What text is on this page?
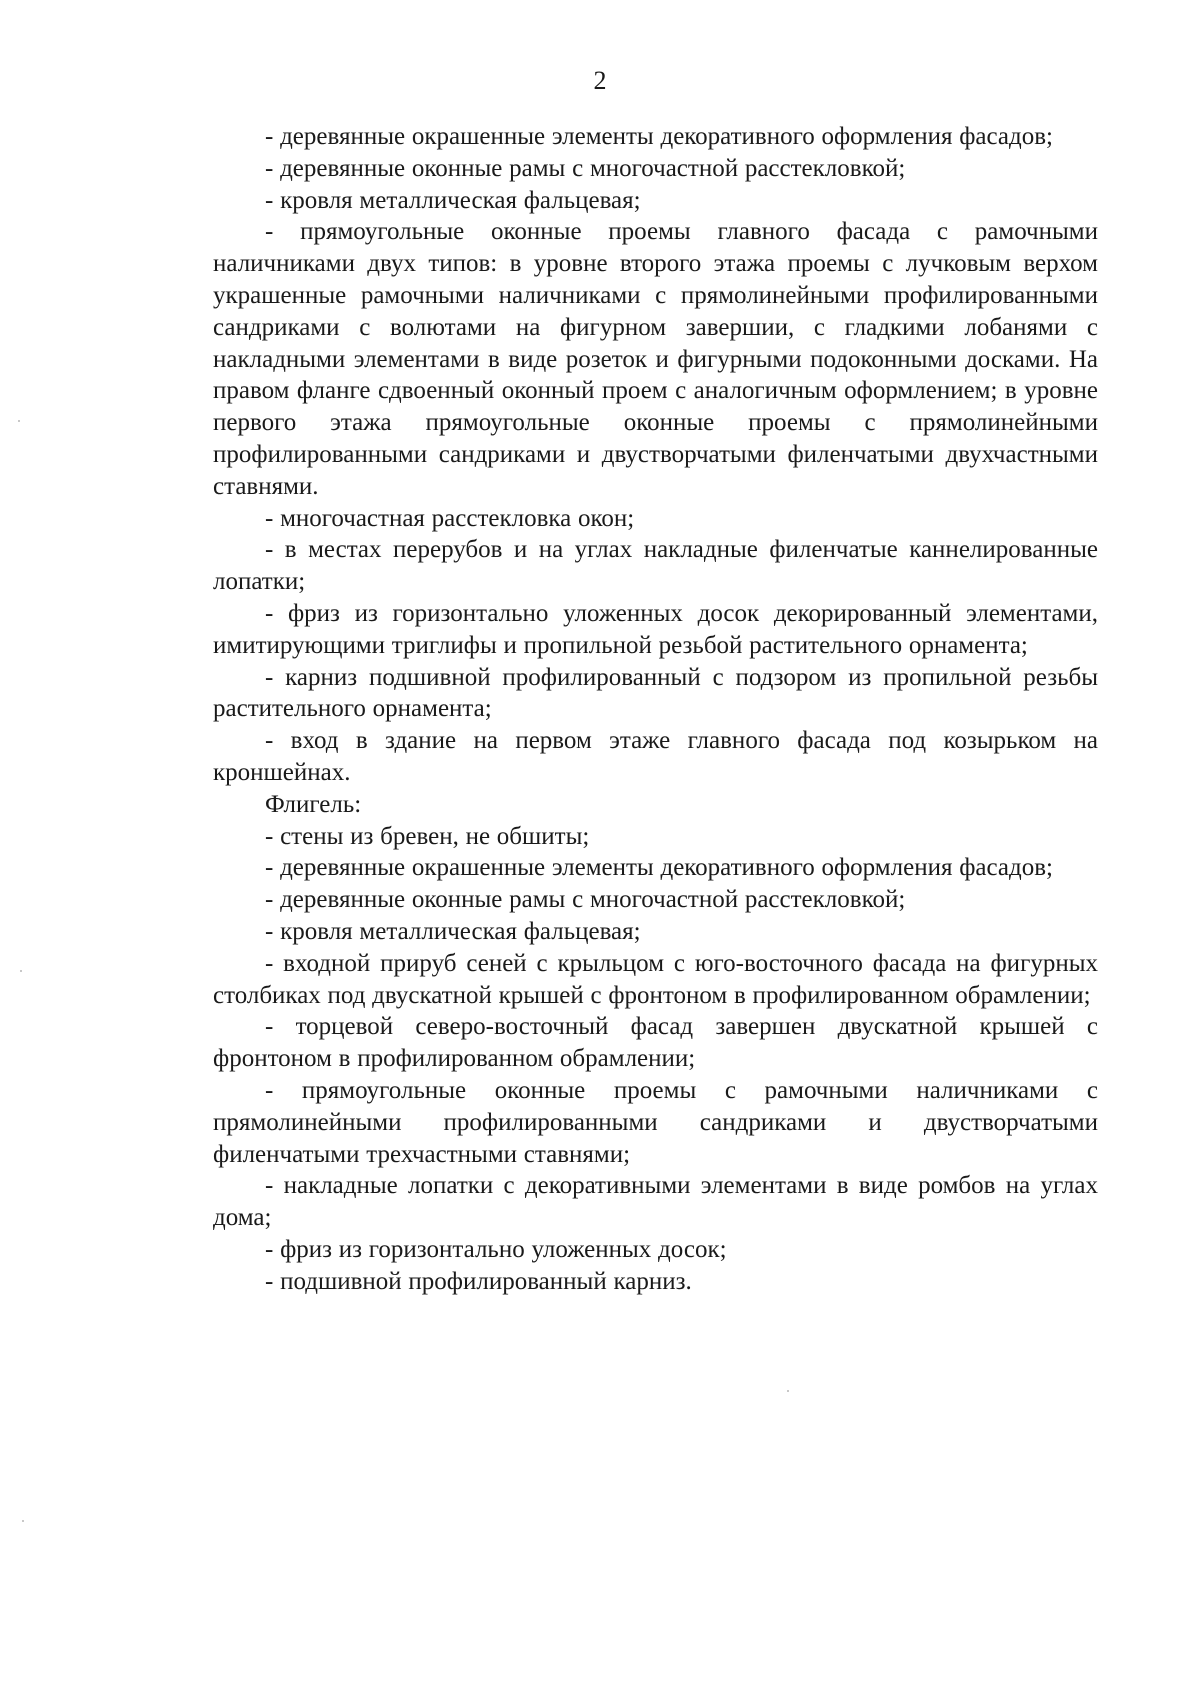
2

- деревянные окрашенные элементы декоративного оформления фасадов;

- деревянные оконные рамы с многочастной расстекловкой;

- кровля металлическая фальцевая;

- прямоугольные оконные проемы главного фасада с рамочными наличниками двух типов: в уровне второго этажа проемы с лучковым верхом украшенные рамочными наличниками с прямолинейными профилированными сандриками с волютами на фигурном завершии, с гладкими лобанями с накладными элементами в виде розеток и фигурными подоконными досками. На правом фланге сдвоенный оконный проем с аналогичным оформлением; в уровне первого этажа прямоугольные оконные проемы с прямолинейными профилированными сандриками и двустворчатыми филенчатыми двухчастными ставнями.

- многочастная расстекловка окон;

- в местах перерубов и на углах накладные филенчатые каннелированные лопатки;

- фриз из горизонтально уложенных досок декорированный элементами, имитирующими триглифы и пропильной резьбой растительного орнамента;

- карниз подшивной профилированный с подзором из пропильной резьбы растительного орнамента;

- вход в здание на первом этаже главного фасада под козырьком на кроншейнах.

Флигель:

- стены из бревен, не обшиты;

- деревянные окрашенные элементы декоративного оформления фасадов;

- деревянные оконные рамы с многочастной расстекловкой;

- кровля металлическая фальцевая;

- входной прируб сеней с крыльцом с юго-восточного фасада на фигурных столбиках под двускатной крышей с фронтоном в профилированном обрамлении;

- торцевой северо-восточный фасад завершен двускатной крышей с фронтоном в профилированном обрамлении;

- прямоугольные оконные проемы с рамочными наличниками с прямолинейными профилированными сандриками и двустворчатыми филенчатыми трехчастными ставнями;

- накладные лопатки с декоративными элементами в виде ромбов на углах дома;

- фриз из горизонтально уложенных досок;

- подшивной профилированный карниз.
